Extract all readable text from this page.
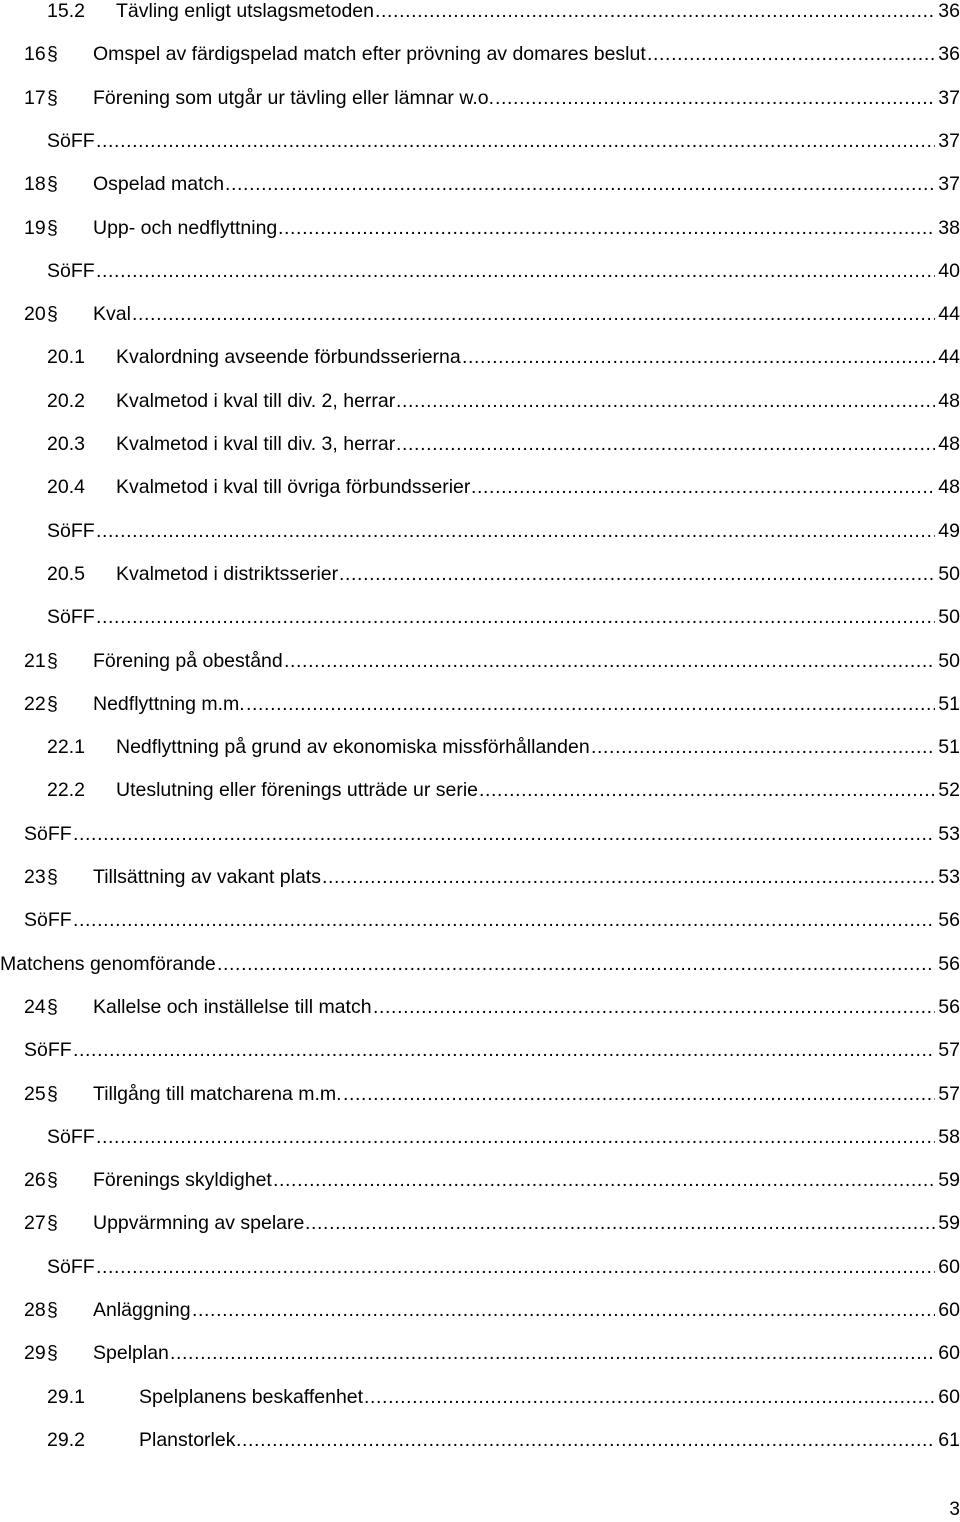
15.2 Tävling enligt utslagsmetoden .....	36
16 § Omspel av färdigspelad match efter prövning av domares beslut .....	36
17 § Förening som utgår ur tävling eller lämnar w.o. .....	37
SöFF .....	37
18 § Ospelad match .....	37
19 § Upp- och nedflyttning .....	38
SöFF .....	40
20 § Kval .....	44
20.1 Kvalordning avseende förbundsserierna .....	44
20.2 Kvalmetod i kval till div. 2, herrar .....	48
20.3 Kvalmetod i kval till div. 3, herrar .....	48
20.4 Kvalmetod i kval till övriga förbundsserier .....	48
SöFF .....	49
20.5 Kvalmetod i distriktsserier .....	50
SöFF .....	50
21 § Förening på obestånd .....	50
22 § Nedflyttning m.m. .....	51
22.1 Nedflyttning på grund av ekonomiska missförhållanden .....	51
22.2 Uteslutning eller förenings utträde ur serie .....	52
SöFF .....	53
23 § Tillsättning av vakant plats .....	53
SöFF .....	56
Matchens genomförande .....	56
24 § Kallelse och inställelse till match .....	56
SöFF .....	57
25 § Tillgång till matcharena m.m. .....	57
SöFF .....	58
26 § Förenings skyldighet .....	59
27 § Uppvärmning av spelare .....	59
SöFF .....	60
28 § Anläggning .....	60
29 § Spelplan .....	60
29.1	Spelplanens beskaffenhet .....	60
29.2	Planstorlek .....	61
3
